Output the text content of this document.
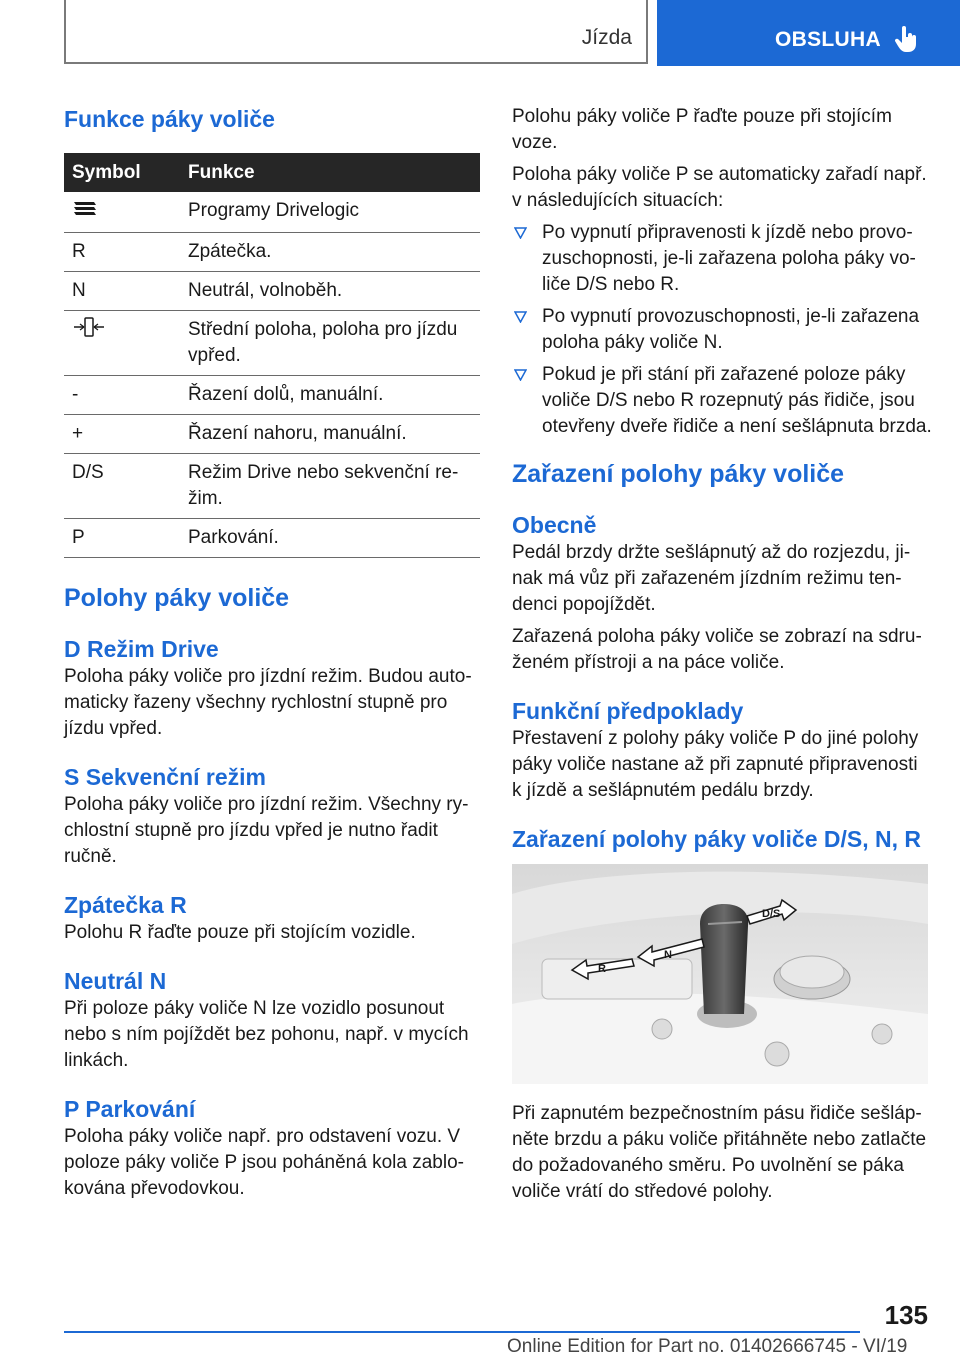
Jízda	OBSLUHA
Funkce páky voliče
Symbol	Funkce
	Programy Drivelogic
R	Zpátečka.
N	Neutrál, volnoběh.
	Střední poloha, poloha pro jízdu vpřed.
-	Řazení dolů, manuální.
+	Řazení nahoru, manuální.
D/S	Režim Drive nebo sekvenční re‐žim.
P	Parkování.
Polohy páky voliče
D Režim Drive

Poloha páky voliče pro jízdní režim. Budou auto‐maticky řazeny všechny rychlostní stupně pro jízdu vpřed.

S Sekvenční režim

Poloha páky voliče pro jízdní režim. Všechny ry‐chlostní stupně pro jízdu vpřed je nutno řadit ručně.

Zpátečka R

Polohu R řaďte pouze při stojícím vozidle.

Neutrál N

Při poloze páky voliče N lze vozidlo posunout nebo s ním pojíždět bez pohonu, např. v mycích linkách.

P Parkování

Poloha páky voliče např. pro odstavení vozu. V poloze páky voliče P jsou poháněná kola zablo‐kována převodovkou.

Polohu páky voliče P řaďte pouze při stojícím voze.

Poloha páky voliče P se automaticky zařadí např. v následujících situacích:

Po vypnutí připravenosti k jízdě nebo provo‐zuschopnosti, je-li zařazena poloha páky vo‐liče D/S nebo R.
Po vypnutí provozuschopnosti, je-li zařazena poloha páky voliče N.
Pokud je při stání při zařazené poloze páky voliče D/S nebo R rozepnutý pás řidiče, jsou otevřeny dveře řidiče a není sešlápnuta brzda.
Zařazení polohy páky voliče
Obecně

Pedál brzdy držte sešlápnutý až do rozjezdu, ji‐nak má vůz při zařazeném jízdním režimu ten‐denci popojíždět.

Zařazená poloha páky voliče se zobrazí na sdru‐ženém přístroji a na páce voliče.

Funkční předpoklady

Přestavení z polohy páky voliče P do jiné polohy páky voliče nastane až při zapnuté připravenosti k jízdě a sešlápnutém pedálu brzdy.

Zařazení polohy páky voliče D/S, N, R
D/S
N
R

Při zapnutém bezpečnostním pásu řidiče sešláp‐něte brzdu a páku voliče přitáhněte nebo zatlačte do požadovaného směru. Po uvolnění se páka voliče vrátí do středové polohy.

135
Online Edition for Part no. 01402666745 - VI/19
